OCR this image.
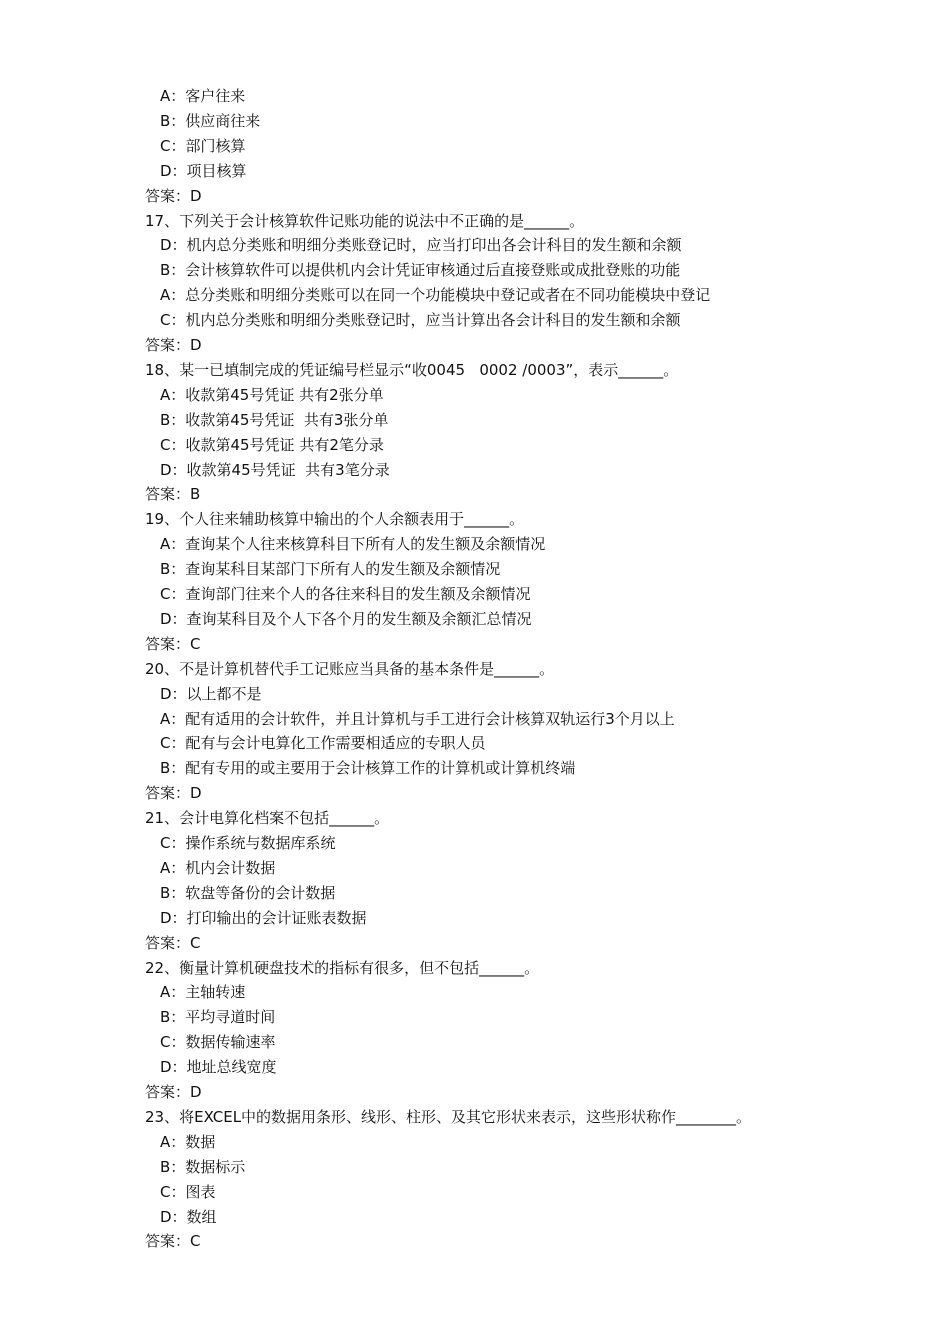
A：客户往来
B：供应商往来
C：部门核算
D：项目核算
答案：D
17、下列关于会计核算软件记账功能的说法中不正确的是______。
D：机内总分类账和明细分类账登记时，应当打印出各会计科目的发生额和余额
B：会计核算软件可以提供机内会计凭证审核通过后直接登账或成批登账的功能
A：总分类账和明细分类账可以在同一个功能模块中登记或者在不同功能模块中登记
C：机内总分类账和明细分类账登记时，应当计算出各会计科目的发生额和余额
答案：D
18、某一已填制完成的凭证编号栏显示“收0045   0002 /0003”，表示______。
A：收款第45号凭证 共有2张分单
B：收款第45号凭证  共有3张分单
C：收款第45号凭证 共有2笔分录
D：收款第45号凭证  共有3笔分录
答案：B
19、个人往来辅助核算中输出的个人余额表用于______。
A：查询某个人往来核算科目下所有人的发生额及余额情况
B：查询某科目某部门下所有人的发生额及余额情况
C：查询部门往来个人的各往来科目的发生额及余额情况
D：查询某科目及个人下各个月的发生额及余额汇总情况
答案：C
20、不是计算机替代手工记账应当具备的基本条件是______。
D：以上都不是
A：配有适用的会计软件，并且计算机与手工进行会计核算双轨运行3个月以上
C：配有与会计电算化工作需要相适应的专职人员
B：配有专用的或主要用于会计核算工作的计算机或计算机终端
答案：D
21、会计电算化档案不包括______。
C：操作系统与数据库系统
A：机内会计数据
B：软盘等备份的会计数据
D：打印输出的会计证账表数据
答案：C
22、衡量计算机硬盘技术的指标有很多，但不包括______。
A：主轴转速
B：平均寻道时间
C：数据传输速率
D：地址总线宽度
答案：D
23、将EXCEL中的数据用条形、线形、柱形、及其它形状来表示，这些形状称作________。
A：数据
B：数据标示
C：图表
D：数组
答案：C
